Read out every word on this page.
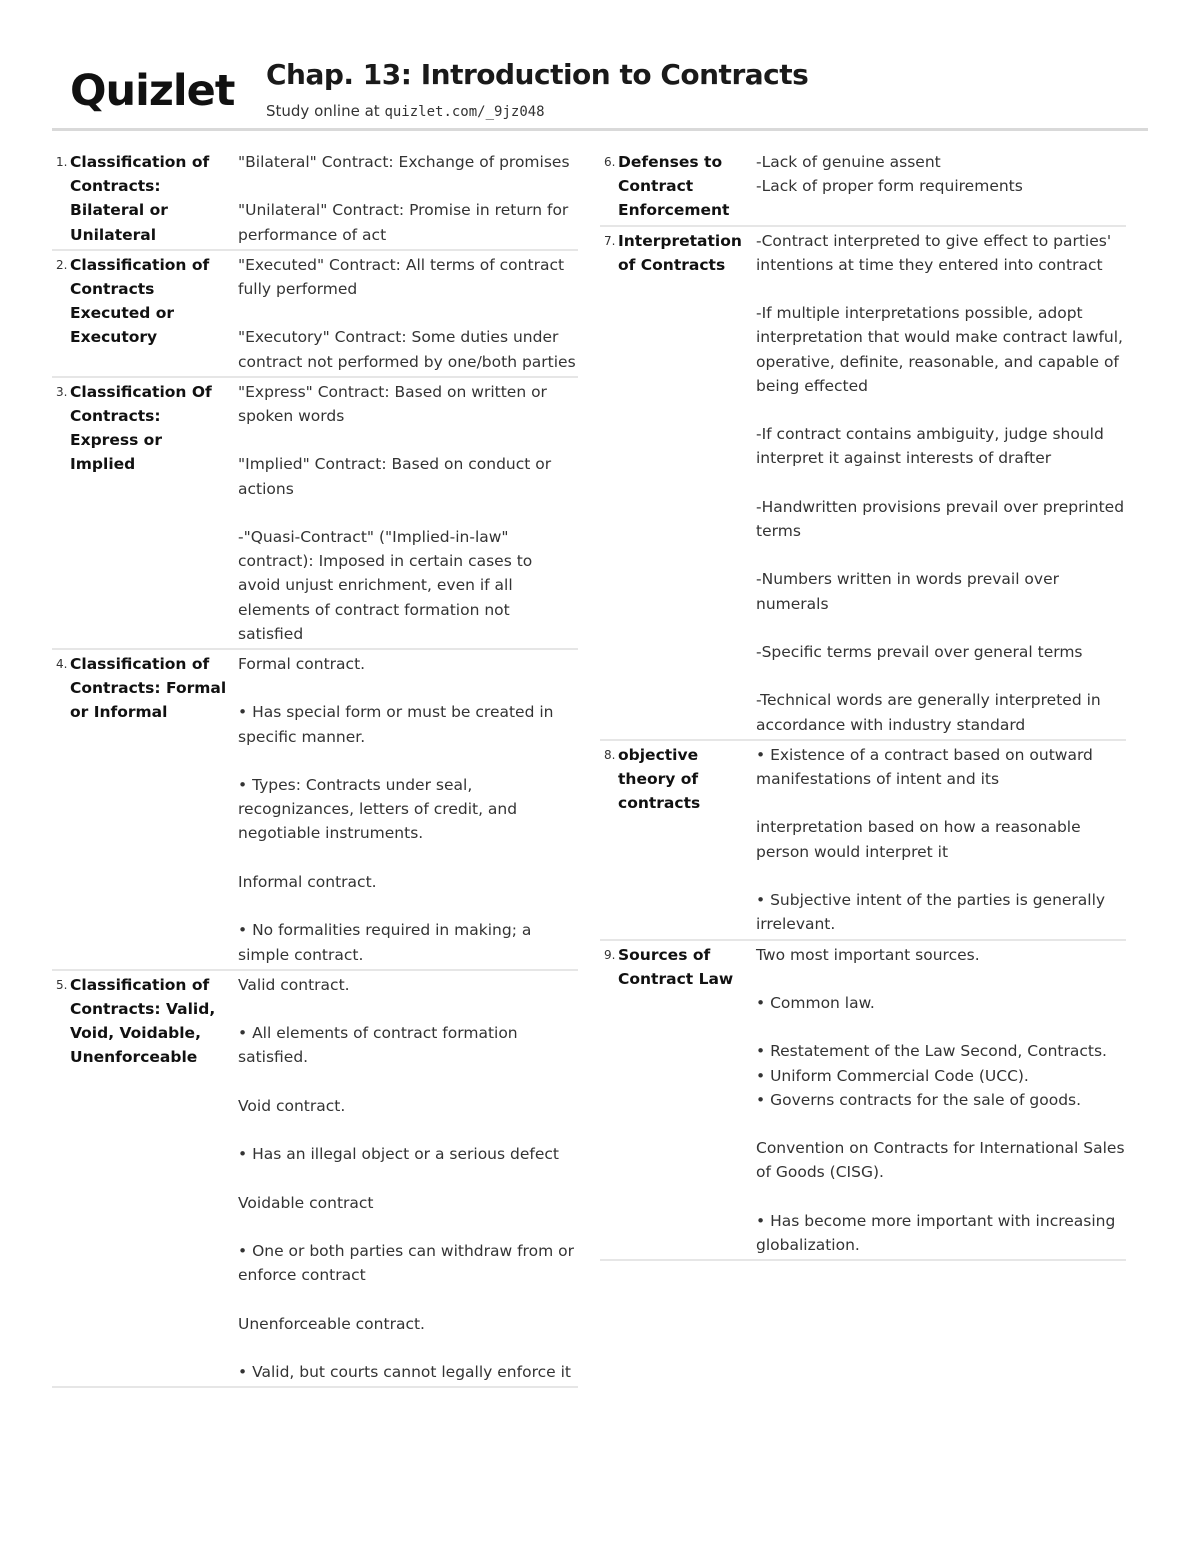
Quizlet Chap. 13: Introduction to Contracts
Study online at quizlet.com/_9jz048
1. Classification of Contracts: Bilateral or Unilateral
"Bilateral" Contract: Exchange of promises

"Unilateral" Contract: Promise in return for performance of act
2. Classification of Contracts Executed or Executory
"Executed" Contract: All terms of contract fully performed

"Executory" Contract: Some duties under contract not performed by one/both parties
3. Classification Of Contracts: Express or Implied
"Express" Contract: Based on written or spoken words

"Implied" Contract: Based on conduct or actions

-"Quasi-Contract" ("Implied-in-law" contract): Imposed in certain cases to avoid unjust enrichment, even if all elements of contract formation not satisfied
4. Classification of Contracts: Formal or Informal
Formal contract.

• Has special form or must be created in specific manner.

• Types: Contracts under seal, recognizances, letters of credit, and negotiable instruments.

Informal contract.

• No formalities required in making; a simple contract.
5. Classification of Contracts: Valid, Void, Voidable, Unenforceable
Valid contract.

• All elements of contract formation satisfied.

Void contract.

• Has an illegal object or a serious defect

Voidable contract

• One or both parties can withdraw from or enforce contract

Unenforceable contract.

• Valid, but courts cannot legally enforce it
6. Defenses to Contract Enforcement
-Lack of genuine assent
-Lack of proper form requirements

7. Interpretation of Contracts
-Contract interpreted to give effect to parties' intentions at time they entered into contract

-If multiple interpretations possible, adopt interpretation that would make contract lawful, operative, definite, reasonable, and capable of being effected

-If contract contains ambiguity, judge should interpret it against interests of drafter

-Handwritten provisions prevail over preprinted terms

-Numbers written in words prevail over numerals

-Specific terms prevail over general terms

-Technical words are generally interpreted in accordance with industry standard
8. objective theory of contracts
• Existence of a contract based on outward manifestations of intent and its

interpretation based on how a reasonable person would interpret it

• Subjective intent of the parties is generally irrelevant.
9. Sources of Contract Law
Two most important sources.

• Common law.

• Restatement of the Law Second, Contracts.
• Uniform Commercial Code (UCC).
• Governs contracts for the sale of goods.

Convention on Contracts for International Sales of Goods (CISG).

• Has become more important with increasing globalization.
